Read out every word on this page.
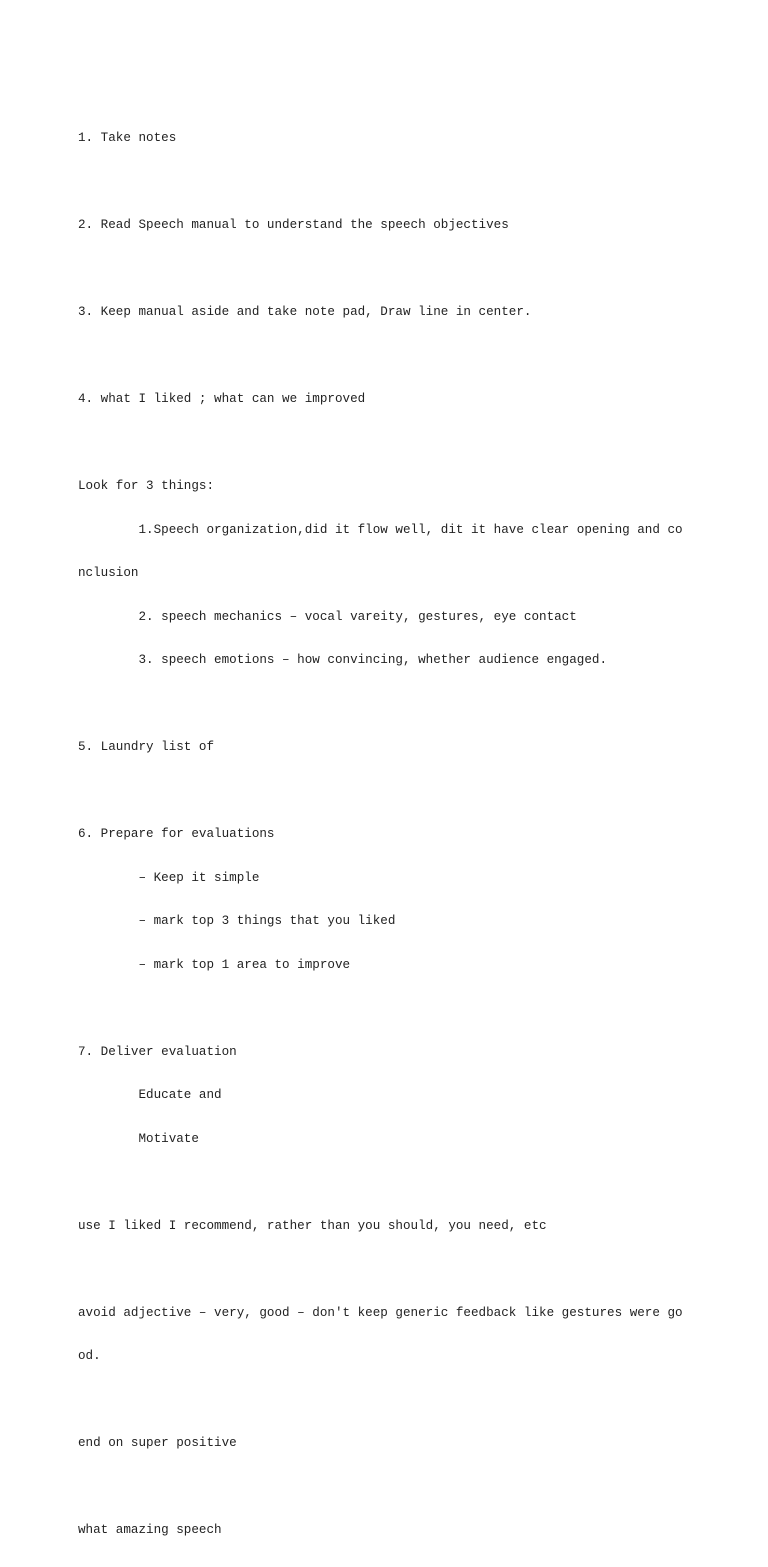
1. Take notes

2. Read Speech manual to understand the speech objectives

3. Keep manual aside and take note pad, Draw line in center.

4. what I liked ; what can we improved

Look for 3 things:

1.Speech organization,did it flow well, dit it have clear opening and co

nclusion

2. speech mechanics – vocal vareity, gestures, eye contact

3. speech emotions – how convincing, whether audience engaged.

5. Laundry list of

6. Prepare for evaluations

– Keep it simple

– mark top 3 things that you liked

– mark top 1 area to improve

7. Deliver evaluation

Educate and

Motivate

use I liked I recommend, rather than you should, you need, etc

avoid adjective – very, good – don't keep generic feedback like gestures were go

od.

end on super positive

what amazing speech
